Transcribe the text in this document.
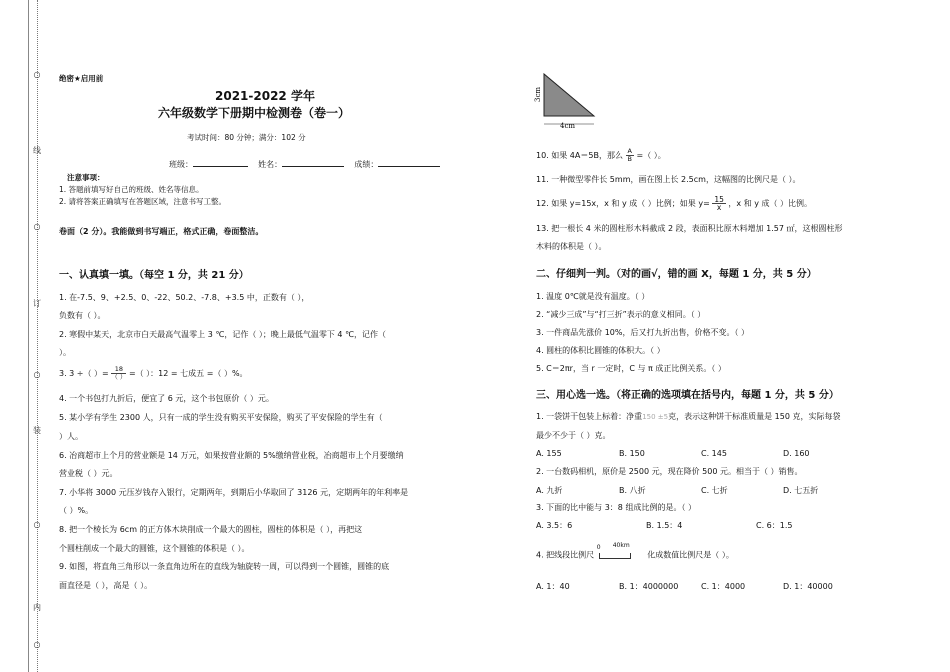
○
线
○
订
○
装
○
内
○
绝密★启用前
2021-2022 学年
六年级数学下册期中检测卷（卷一）
考试时间：80 分钟；满分：102 分
班级：	姓名：	成绩：
注意事项：
1. 答题前填写好自己的班级、姓名等信息。
2. 请将答案正确填写在答题区域，注意书写工整。
卷面（2 分）。我能做到书写端正，格式正确，卷面整洁。
一、认真填一填。（每空 1 分，共 21 分）
1. 在-7.5、9、+2.5、0、-22、50.2、-7.8、+3.5 中，正数有（ ），
负数有（ ）。
2. 寒假中某天，北京市白天最高气温零上 3 ℃，记作（ ）；晚上最低气温零下 4 ℃，记作（
）。
3. 3 ÷（ ）= $\frac{18}{( )}$ =（ ）：12 = 七成五 =（ ）%。
4. 一个书包打九折后，便宜了 6 元，这个书包原价（ ）元。
5. 某小学有学生 2300 人，只有一成的学生没有购买平安保险，购买了平安保险的学生有（
）人。
6. 冶商超市上个月的营业额是 14 万元，如果按营业额的 5%缴纳营业税，冶商超市上个月要缴纳
营业税（ ）元。
7. 小华将 3000 元压岁钱存入银行，定期两年，到期后小华取回了 3126 元，定期两年的年利率是
（ ）%。
8. 把一个棱长为 6cm 的正方体木块削成一个最大的圆柱，圆柱的体积是（ ），再把这
个圆柱削成一个最大的圆锥，这个圆锥的体积是（ ）。
9. 如图，将直角三角形以一条直角边所在的直线为轴旋转一周，可以得到一个圆锥，圆锥的底
面直径是（ ），高是（ ）。
3cm
4cm
10. 如果 4A＝5B，那么 $\frac{A}{B}$ =（ ）。
11. 一种微型零件长 5mm，画在图上长 2.5cm，这幅图的比例尺是（ ）。
12. 如果 y=15x，x 和 y 成（ ）比例；如果 $y= \frac{15}{x}$ ，x 和 y 成（ ）比例。
13. 把一根长 4 米的圆柱形木料截成 2 段，表面积比原木料增加 1.57 ㎡，这根圆柱形
木料的体积是（ ）。
二、仔细判一判。（对的画√，错的画 X，每题 1 分，共 5 分）
1. 温度 0℃就是没有温度。（ ）
2. “减少三成”与“打三折”表示的意义相同。（ ）
3. 一件商品先涨价 10%，后又打九折出售，价格不变。（ ）
4. 圆柱的体积比圆锥的体积大。（ ）
5. C＝2πr，当 r 一定时，C 与 π 成正比例关系。（ ）
三、用心选一选。（将正确的选项填在括号内，每题 1 分，共 5 分）
1. 一袋饼干包装上标着：净重150 ±5克，表示这种饼干标准质量是 150 克，实际每袋
最少不少于（ ）克。
A. 155	B. 150	C. 145	D. 160
2. 一台数码相机，原价是 2500 元，现在降价 500 元。相当于（ ）销售。
A. 九折	B. 八折	C. 七折	D. 七五折
3. 下面的比中能与 3：8 组成比例的是。（ ）
A. 3.5：6	B. 1.5：4	C. 6：1.5
4. 把线段比例尺
0 40km
化成数值比例尺是（ ）。
A. 1：40	B. 1：4000000	C. 1：4000	D. 1：40000
